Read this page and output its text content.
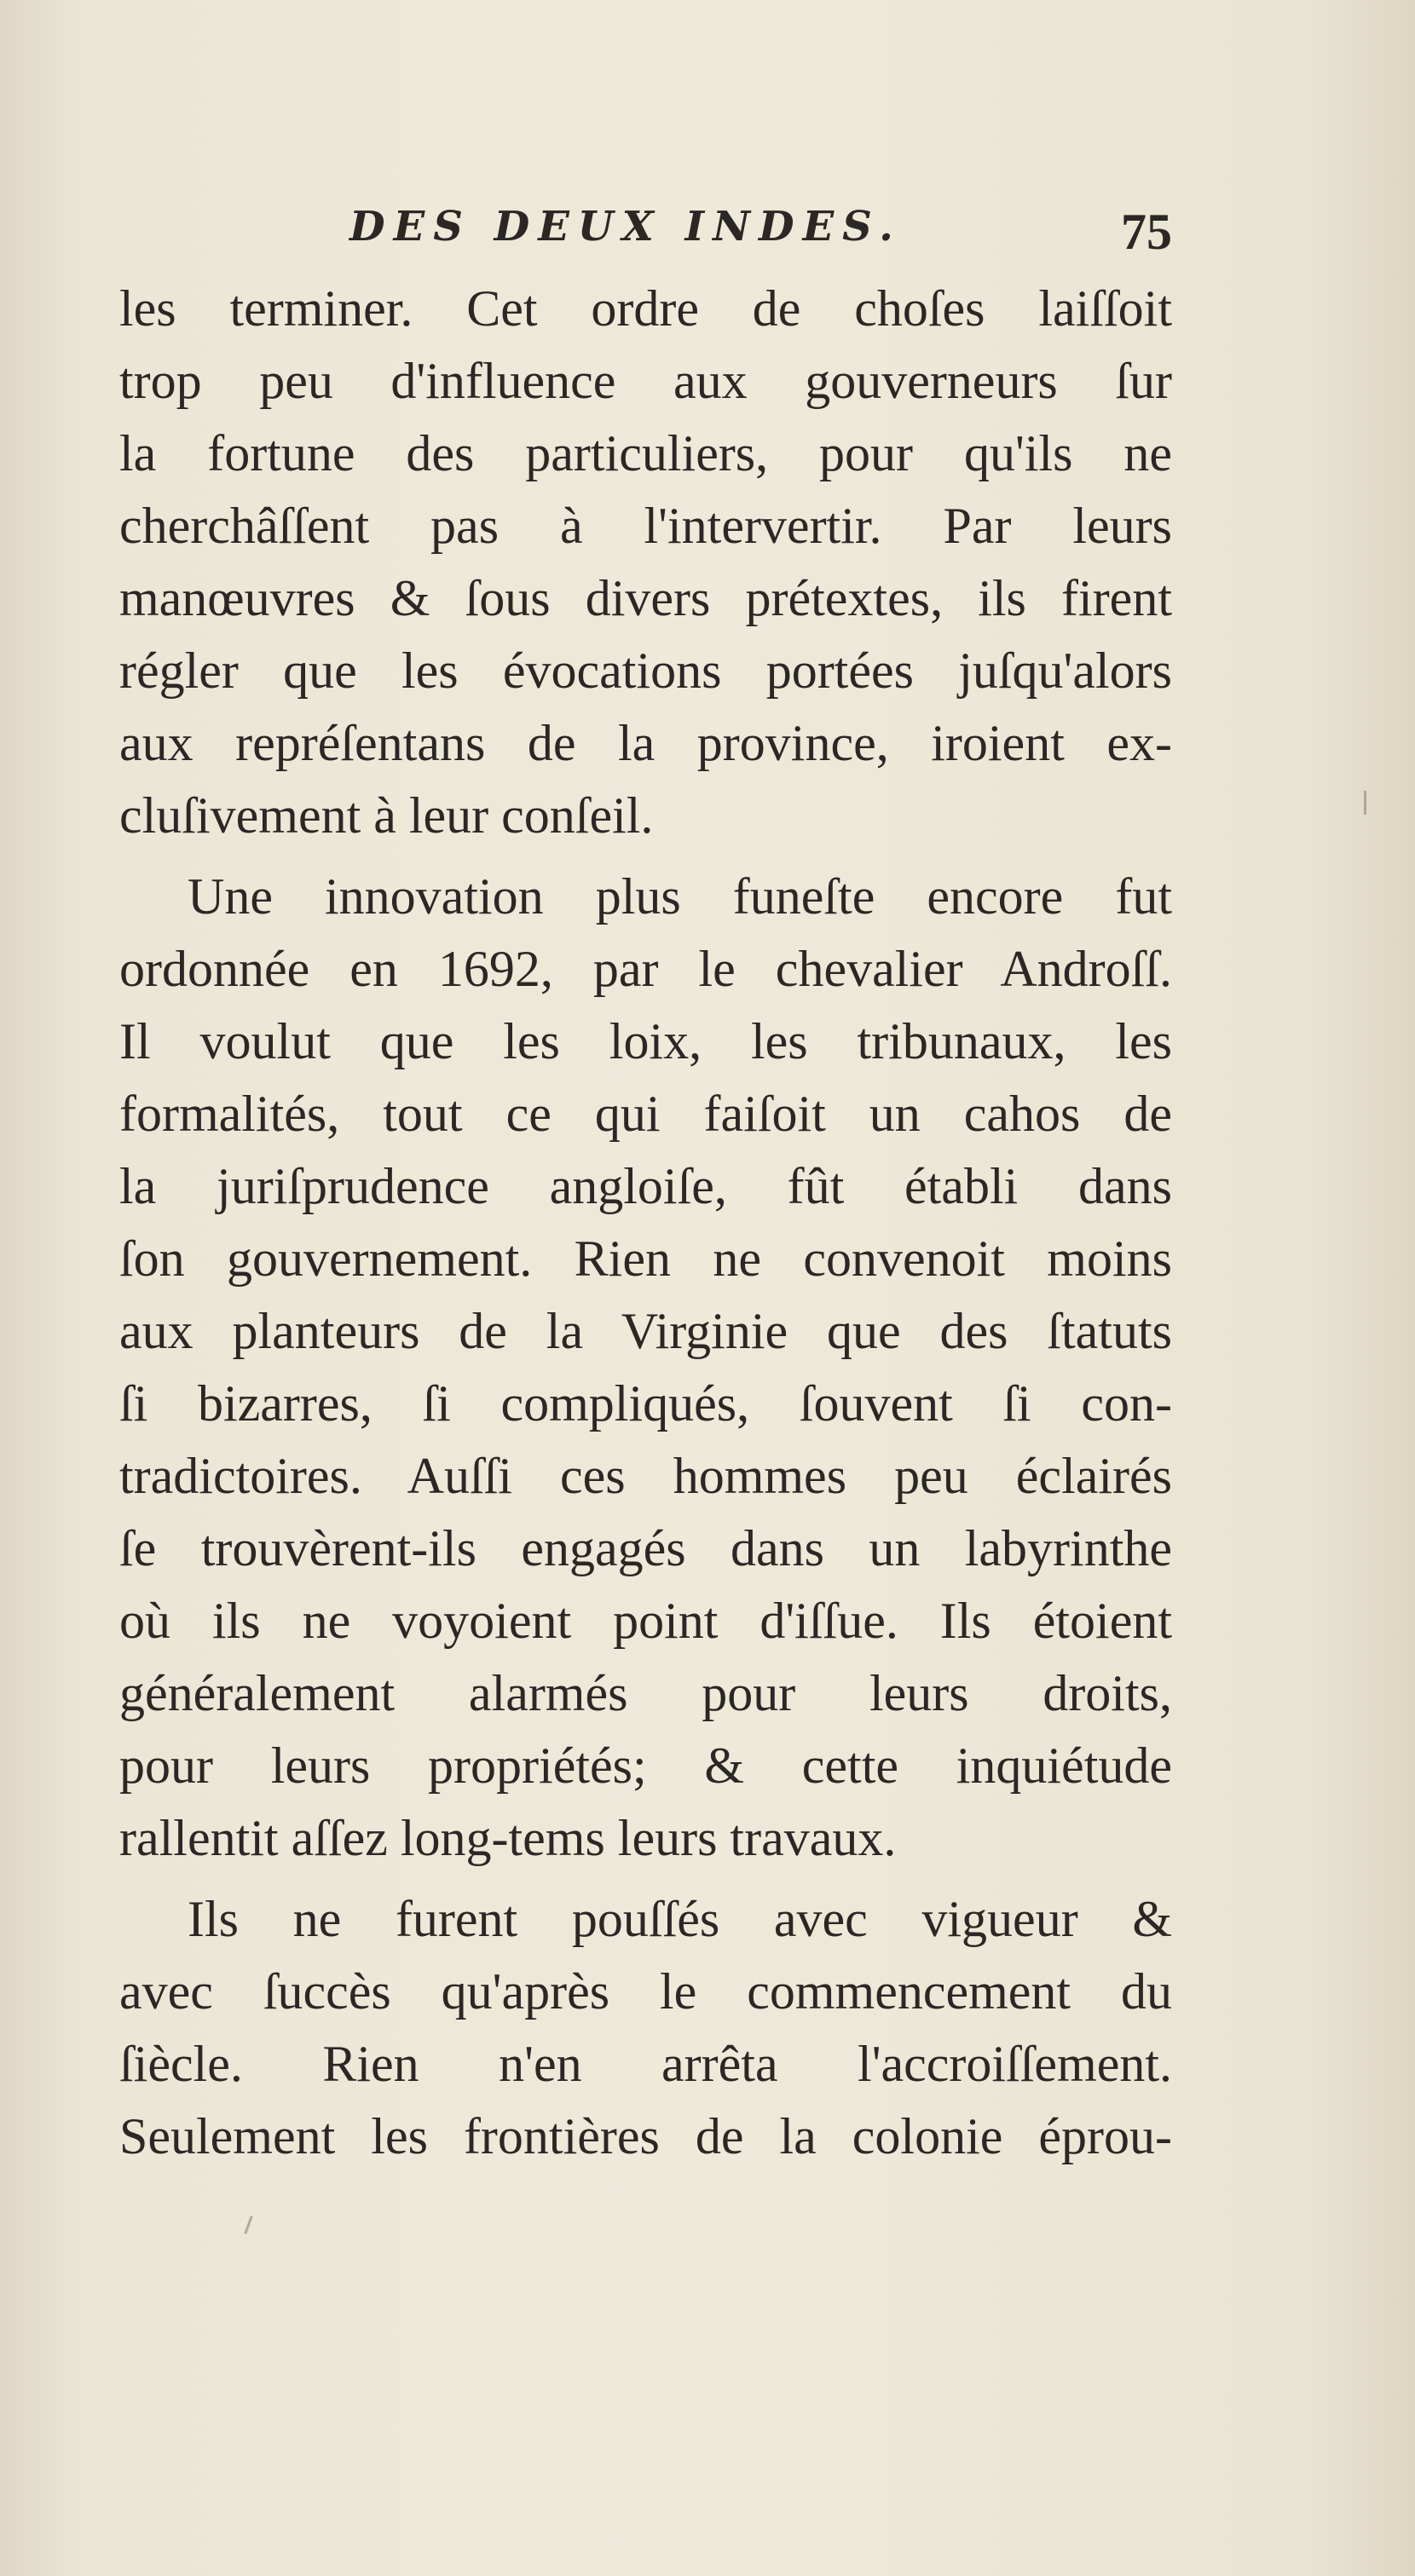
DES DEUX INDES.	75
les terminer. Cet ordre de choſes laiſſoit
trop peu d'influence aux gouverneurs ſur
la fortune des particuliers, pour qu'ils ne
cherchâſſent pas à l'intervertir. Par leurs
manœuvres & ſous divers prétextes, ils firent
régler que les évocations portées juſqu'alors
aux repréſentans de la province, iroient ex-
cluſivement à leur conſeil.
Une innovation plus funeſte encore fut
ordonnée en 1692, par le chevalier Androſſ.
Il voulut que les loix, les tribunaux, les
formalités, tout ce qui faiſoit un cahos de
la juriſprudence angloiſe, fût établi dans
ſon gouvernement. Rien ne convenoit moins
aux planteurs de la Virginie que des ſtatuts
ſi bizarres, ſi compliqués, ſouvent ſi con-
tradictoires. Auſſi ces hommes peu éclairés
ſe trouvèrent-ils engagés dans un labyrinthe
où ils ne voyoient point d'iſſue. Ils étoient
généralement alarmés pour leurs droits,
pour leurs propriétés; & cette inquiétude
rallentit aſſez long-tems leurs travaux.
Ils ne furent pouſſés avec vigueur &
avec ſuccès qu'après le commencement du
ſiècle. Rien n'en arrêta l'accroiſſement.
Seulement les frontières de la colonie éprou-
